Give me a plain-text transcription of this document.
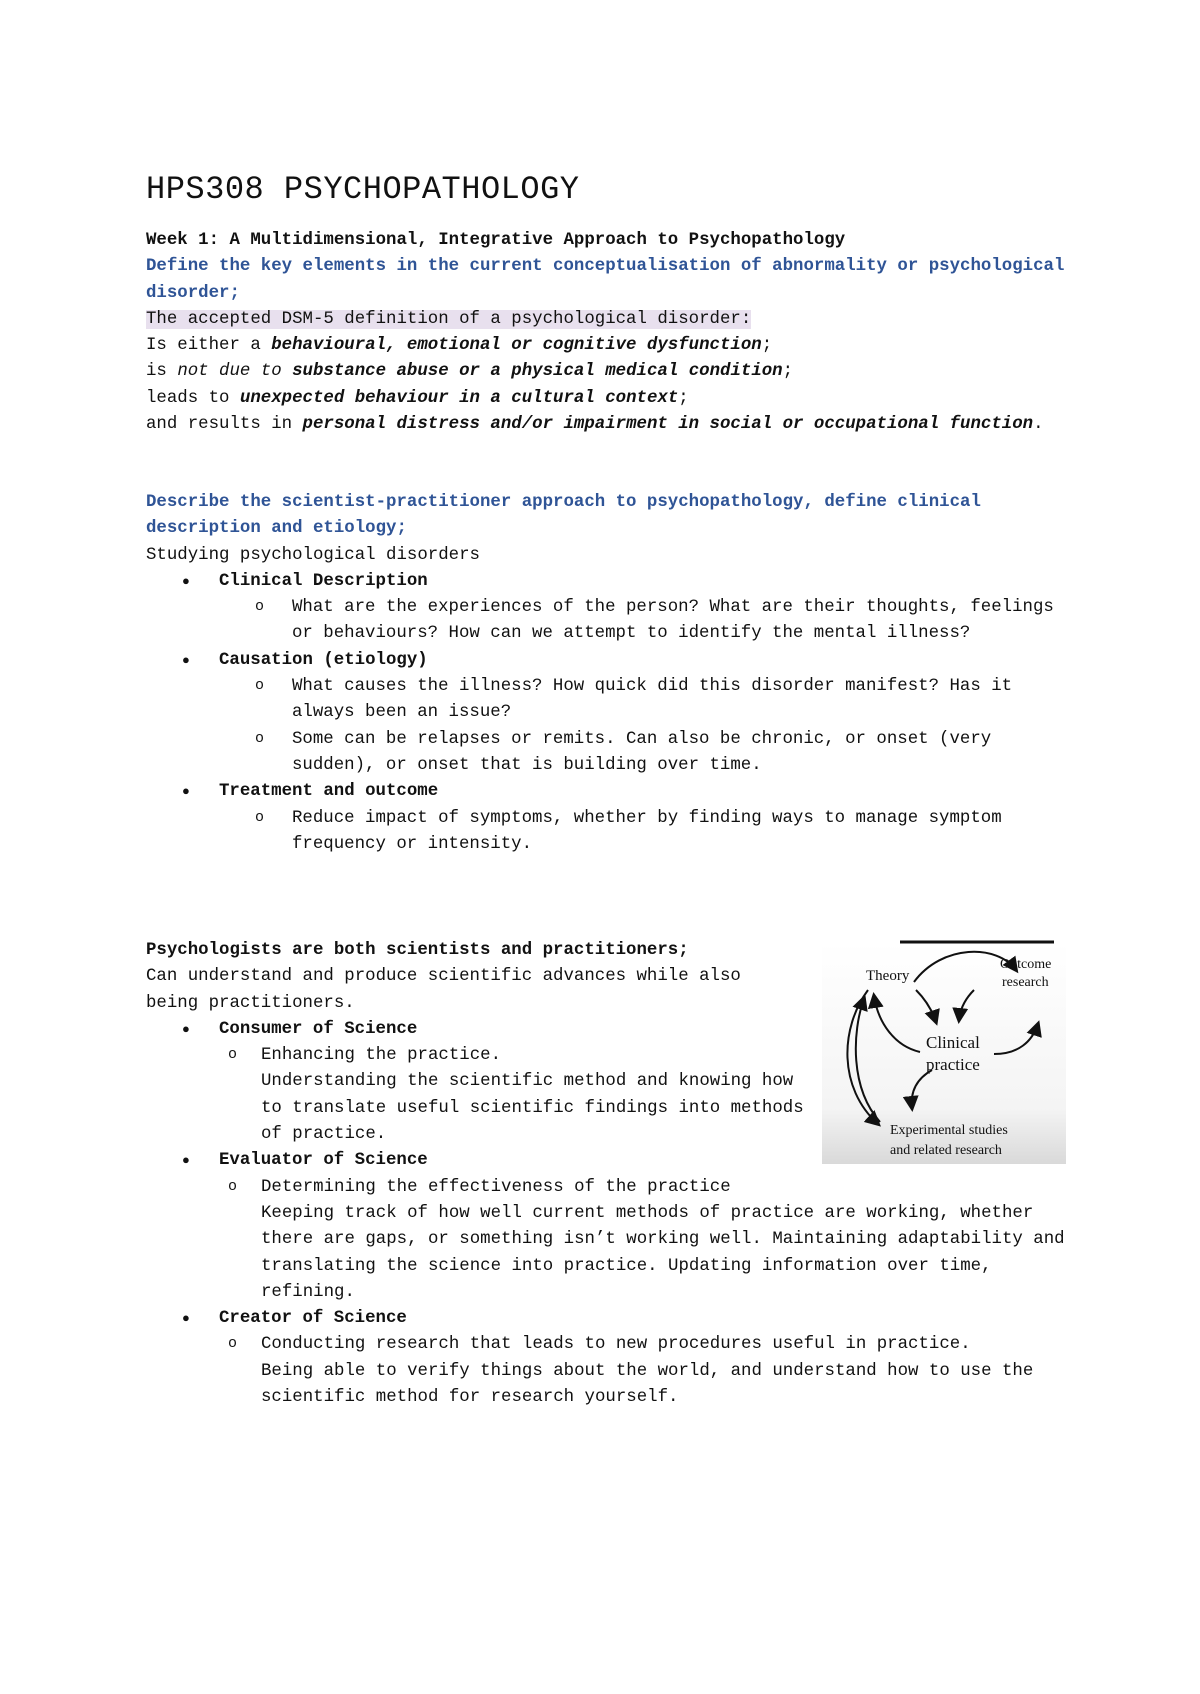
HPS308 PSYCHOPATHOLOGY
Week 1: A Multidimensional, Integrative Approach to Psychopathology
Define the key elements in the current conceptualisation of abnormality or psychological disorder;
The accepted DSM-5 definition of a psychological disorder:
Is either a behavioural, emotional or cognitive dysfunction;
is not due to substance abuse or a physical medical condition;
leads to unexpected behaviour in a cultural context;
and results in personal distress and/or impairment in social or occupational function.
Describe the scientist-practitioner approach to psychopathology, define clinical description and etiology;
Studying psychological disorders
● Clinical Description
o What are the experiences of the person? What are their thoughts, feelings or behaviours? How can we attempt to identify the mental illness?
● Causation (etiology)
o What causes the illness? How quick did this disorder manifest? Has it always been an issue?
o Some can be relapses or remits. Can also be chronic, or onset (very sudden), or onset that is building over time.
● Treatment and outcome
o Reduce impact of symptoms, whether by finding ways to manage symptom frequency or intensity.
Psychologists are both scientists and practitioners;
Can understand and produce scientific advances while also being practitioners.
● Consumer of Science
o Enhancing the practice.
Understanding the scientific method and knowing how to translate useful scientific findings into methods of practice.
● Evaluator of Science
o Determining the effectiveness of the practice
Keeping track of how well current methods of practice are working, whether there are gaps, or something isn’t working well. Maintaining adaptability and translating the science into practice. Updating information over time, refining.
● Creator of Science
o Conducting research that leads to new procedures useful in practice.
Being able to verify things about the world, and understand how to use the scientific method for research yourself.
Theory
Outcome
research
Clinical
practice
Experimental studies
and related research
